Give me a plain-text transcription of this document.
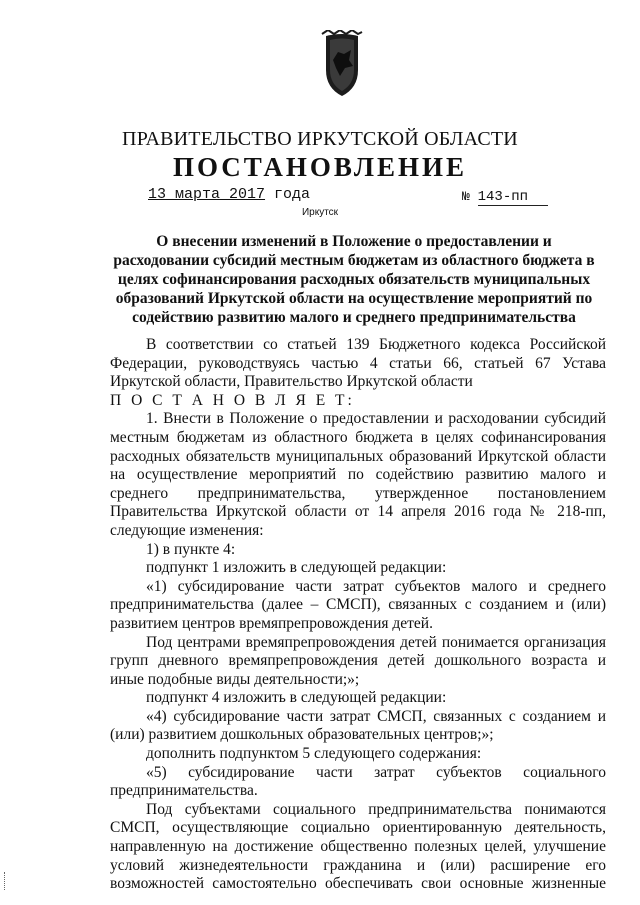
ПРАВИТЕЛЬСТВО ИРКУТСКОЙ ОБЛАСТИ
ПОСТАНОВЛЕНИЕ
13 марта 2017 года	№ 143-пп
Иркутск
О внесении изменений в Положение о предоставлении и расходовании субсидий местным бюджетам из областного бюджета в целях софинансирования расходных обязательств муниципальных образований Иркутской области на осуществление мероприятий по содействию развитию малого и среднего предпринимательства

В соответствии со статьей 139 Бюджетного кодекса Российской Федерации, руководствуясь частью 4 статьи 66, статьей 67 Устава Иркутской области, Правительство Иркутской области

П О С Т А Н О В Л Я Е Т:

1. Внести в Положение о предоставлении и расходовании субсидий местным бюджетам из областного бюджета в целях софинансирования расходных обязательств муниципальных образований Иркутской области на осуществление мероприятий по содействию развитию малого и среднего предпринимательства, утвержденное постановлением Правительства Иркутской области от 14 апреля 2016 года № 218-пп, следующие изменения:

1) в пункте 4:

подпункт 1 изложить в следующей редакции:

«1) субсидирование части затрат субъектов малого и среднего предпринимательства (далее – СМСП), связанных с созданием и (или) развитием центров времяпрепровождения детей.

Под центрами времяпрепровождения детей понимается организация групп дневного времяпрепровождения детей дошкольного возраста и иные подобные виды деятельности;»;

подпункт 4 изложить в следующей редакции:

«4) субсидирование части затрат СМСП, связанных с созданием и (или) развитием дошкольных образовательных центров;»;

дополнить подпунктом 5 следующего содержания:

«5) субсидирование части затрат субъектов социального предпринимательства.

Под субъектами социального предпринимательства понимаются СМСП, осуществляющие социально ориентированную деятельность, направленную на достижение общественно полезных целей, улучшение условий жизнедеятельности гражданина и (или) расширение его возможностей самостоятельно обеспечивать свои основные жизненные
